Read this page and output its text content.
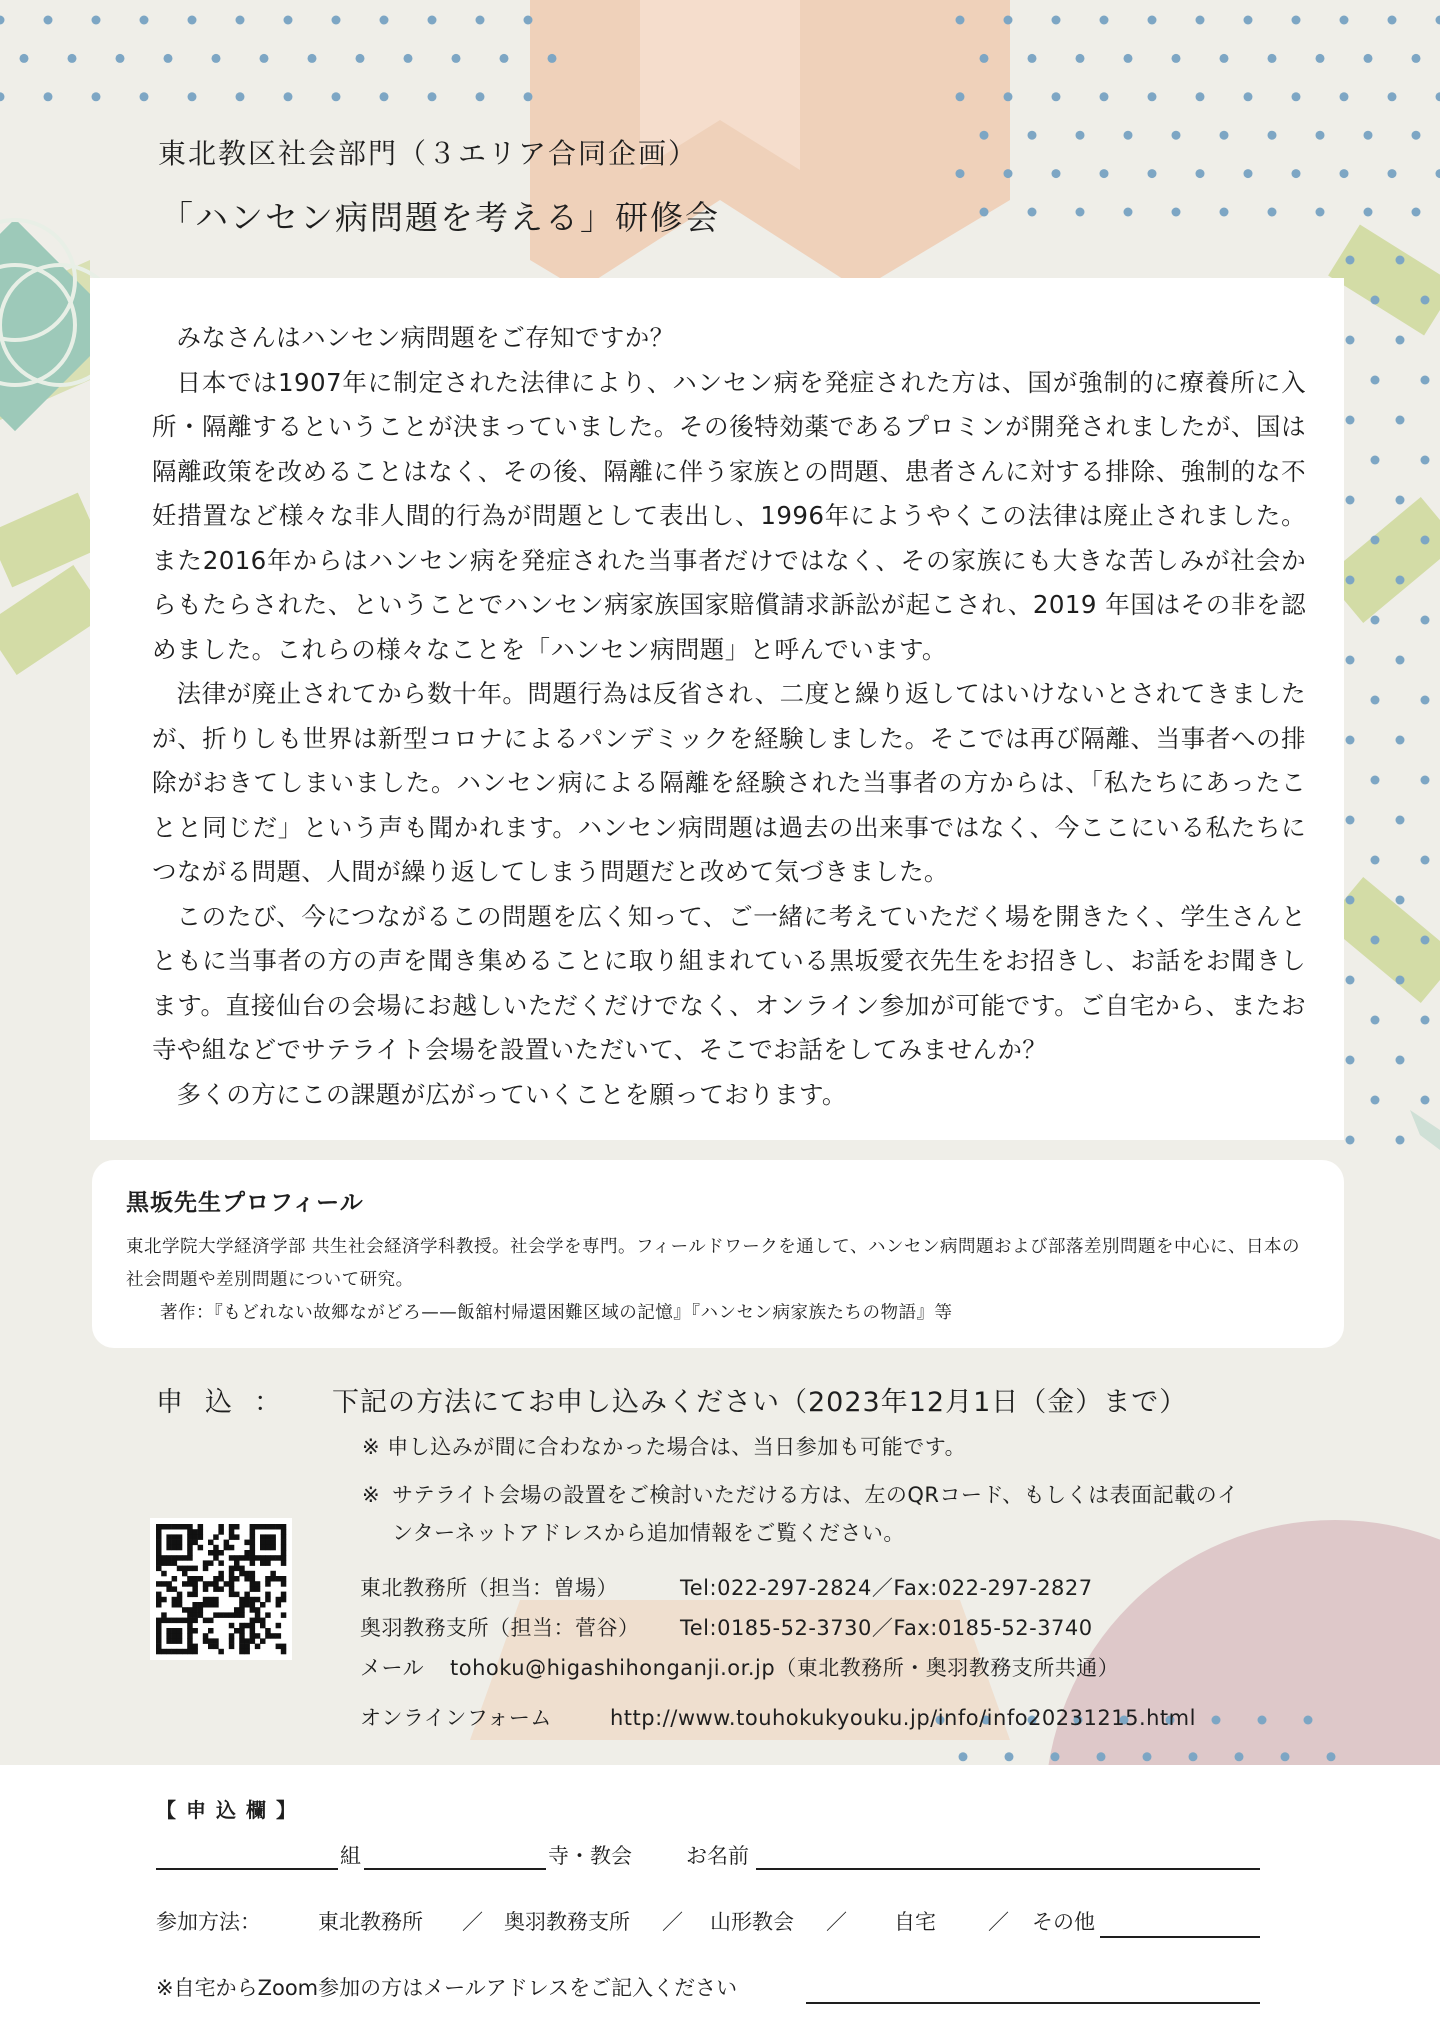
東北教区社会部門（３エリア合同企画）
「ハンセン病問題を考える」研修会

みなさんはハンセン病問題をご存知ですか？

日本では1907年に制定された法律により、ハンセン病を発症された方は、国が強制的に療養所に入所・隔離するということが決まっていました。その後特効薬であるプロミンが開発されましたが、国は隔離政策を改めることはなく、その後、隔離に伴う家族との問題、患者さんに対する排除、強制的な不妊措置など様々な非人間的行為が問題として表出し、1996年にようやくこの法律は廃止されました。また2016年からはハンセン病を発症された当事者だけではなく、その家族にも大きな苦しみが社会からもたらされた、ということでハンセン病家族国家賠償請求訴訟が起こされ、2019 年国はその非を認めました。これらの様々なことを「ハンセン病問題」と呼んでいます。

法律が廃止されてから数十年。問題行為は反省され、二度と繰り返してはいけないとされてきましたが、折りしも世界は新型コロナによるパンデミックを経験しました。そこでは再び隔離、当事者への排除がおきてしまいました。ハンセン病による隔離を経験された当事者の方からは、「私たちにあったことと同じだ」という声も聞かれます。ハンセン病問題は過去の出来事ではなく、今ここにいる私たちにつながる問題、人間が繰り返してしまう問題だと改めて気づきました。

このたび、今につながるこの問題を広く知って、ご一緒に考えていただく場を開きたく、学生さんとともに当事者の方の声を聞き集めることに取り組まれている黒坂愛衣先生をお招きし、お話をお聞きします。直接仙台の会場にお越しいただくだけでなく、オンライン参加が可能です。ご自宅から、またお寺や組などでサテライト会場を設置いただいて、そこでお話をしてみませんか？

多くの方にこの課題が広がっていくことを願っております。

黒坂先生プロフィール

東北学院大学経済学部 共生社会経済学科教授。社会学を専門。フィールドワークを通して、ハンセン病問題および部落差別問題を中心に、日本の社会問題や差別問題について研究。

著作：『もどれない故郷ながどろ——飯舘村帰還困難区域の記憶』『ハンセン病家族たちの物語』等

申込： 下記の方法にてお申し込みください（2023年12月1日（金）まで）
※ 申し込みが間に合わなかった場合は、当日参加も可能です。
※ サテライト会場の設置をご検討いただける方は、左のQRコード、もしくは表面記載のイ
ンターネットアドレスから追加情報をご覧ください。
東北教務所（担当：曽場）	Tel:022-297-2824／Fax:022-297-2827
奥羽教務支所（担当：菅谷） Tel:0185-52-3730／Fax:0185-52-3740
メール tohoku@higashihonganji.or.jp（東北教務所・奥羽教務支所共通）
オンラインフォーム	http://www.touhokukyouku.jp/info/info20231215.html
【申込欄】
組	寺・教会	お名前
参加方法：	東北教務所 ／ 奥羽教務支所 ／ 山形教会 ／ 自宅 ／ その他
※自宅からZoom参加の方はメールアドレスをご記入ください
